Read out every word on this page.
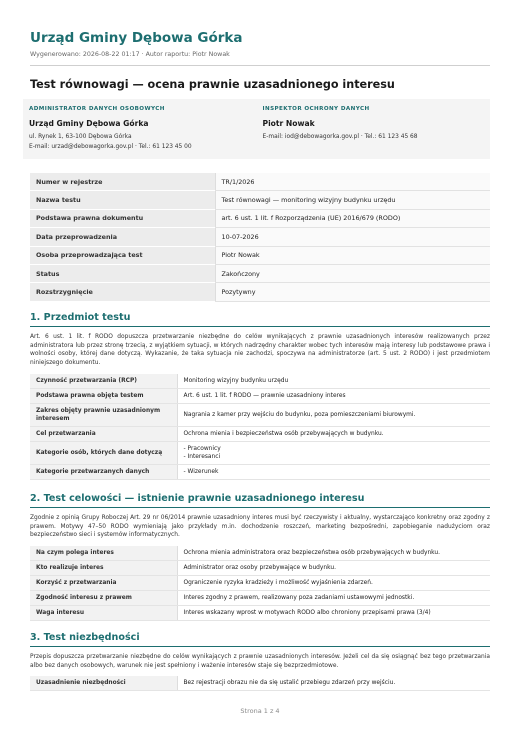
Urząd Gminy Dębowa Górka
Wygenerowano: 2026-08-22 01:17 · Autor raportu: Piotr Nowak
Test równowagi — ocena prawnie uzasadnionego interesu
ADMINISTRATOR DANYCH OSOBOWYCH
Urząd Gminy Dębowa Górka
ul. Rynek 1, 63-100 Dębowa Górka
E-mail: urzad@debowagorka.gov.pl · Tel.: 61 123 45 00
INSPEKTOR OCHRONY DANYCH
Piotr Nowak
E-mail: iod@debowagorka.gov.pl · Tel.: 61 123 45 68
Numer w rejestrze	TR/1/2026
Nazwa testu	Test równowagi — monitoring wizyjny budynku urzędu
Podstawa prawna dokumentu	art. 6 ust. 1 lit. f Rozporządzenia (UE) 2016/679 (RODO)
Data przeprowadzenia	10-07-2026
Osoba przeprowadzająca test	Piotr Nowak
Status	Zakończony
Rozstrzygnięcie	Pozytywny
1. Przedmiot testu
Art. 6 ust. 1 lit. f RODO dopuszcza przetwarzanie niezbędne do celów wynikających z prawnie uzasadnionych interesów realizowanych przez administratora lub przez stronę trzecią, z wyjątkiem sytuacji, w których nadrzędny charakter wobec tych interesów mają interesy lub podstawowe prawa i wolności osoby, której dane dotyczą. Wykazanie, że taka sytuacja nie zachodzi, spoczywa na administratorze (art. 5 ust. 2 RODO) i jest przedmiotem niniejszego dokumentu.
Czynność przetwarzania (RCP)	Monitoring wizyjny budynku urzędu
Podstawa prawna objęta testem	Art. 6 ust. 1 lit. f RODO — prawnie uzasadniony interes
Zakres objęty prawnie uzasadnionym interesem	Nagrania z kamer przy wejściu do budynku, poza pomieszczeniami biurowymi.
Cel przetwarzania	Ochrona mienia i bezpieczeństwa osób przebywających w budynku.
Kategorie osób, których dane dotyczą	- Pracownicy
- Interesanci

Kategorie przetwarzanych danych	- Wizerunek
2. Test celowości — istnienie prawnie uzasadnionego interesu
Zgodnie z opinią Grupy Roboczej Art. 29 nr 06/2014 prawnie uzasadniony interes musi być rzeczywisty i aktualny, wystarczająco konkretny oraz zgodny z prawem. Motywy 47–50 RODO wymieniają jako przykłady m.in. dochodzenie roszczeń, marketing bezpośredni, zapobieganie nadużyciom oraz bezpieczeństwo sieci i systemów informatycznych.
Na czym polega interes	Ochrona mienia administratora oraz bezpieczeństwa osób przebywających w budynku.
Kto realizuje interes	Administrator oraz osoby przebywające w budynku.
Korzyść z przetwarzania	Ograniczenie ryzyka kradzieży i możliwość wyjaśnienia zdarzeń.
Zgodność interesu z prawem	Interes zgodny z prawem, realizowany poza zadaniami ustawowymi jednostki.
Waga interesu	Interes wskazany wprost w motywach RODO albo chroniony przepisami prawa (3/4)
3. Test niezbędności
Przepis dopuszcza przetwarzanie niezbędne do celów wynikających z prawnie uzasadnionych interesów. Jeżeli cel da się osiągnąć bez tego przetwarzania albo bez danych osobowych, warunek nie jest spełniony i ważenie interesów staje się bezprzedmiotowe.
Uzasadnienie niezbędności	Bez rejestracji obrazu nie da się ustalić przebiegu zdarzeń przy wejściu.
Strona 1 z 4
